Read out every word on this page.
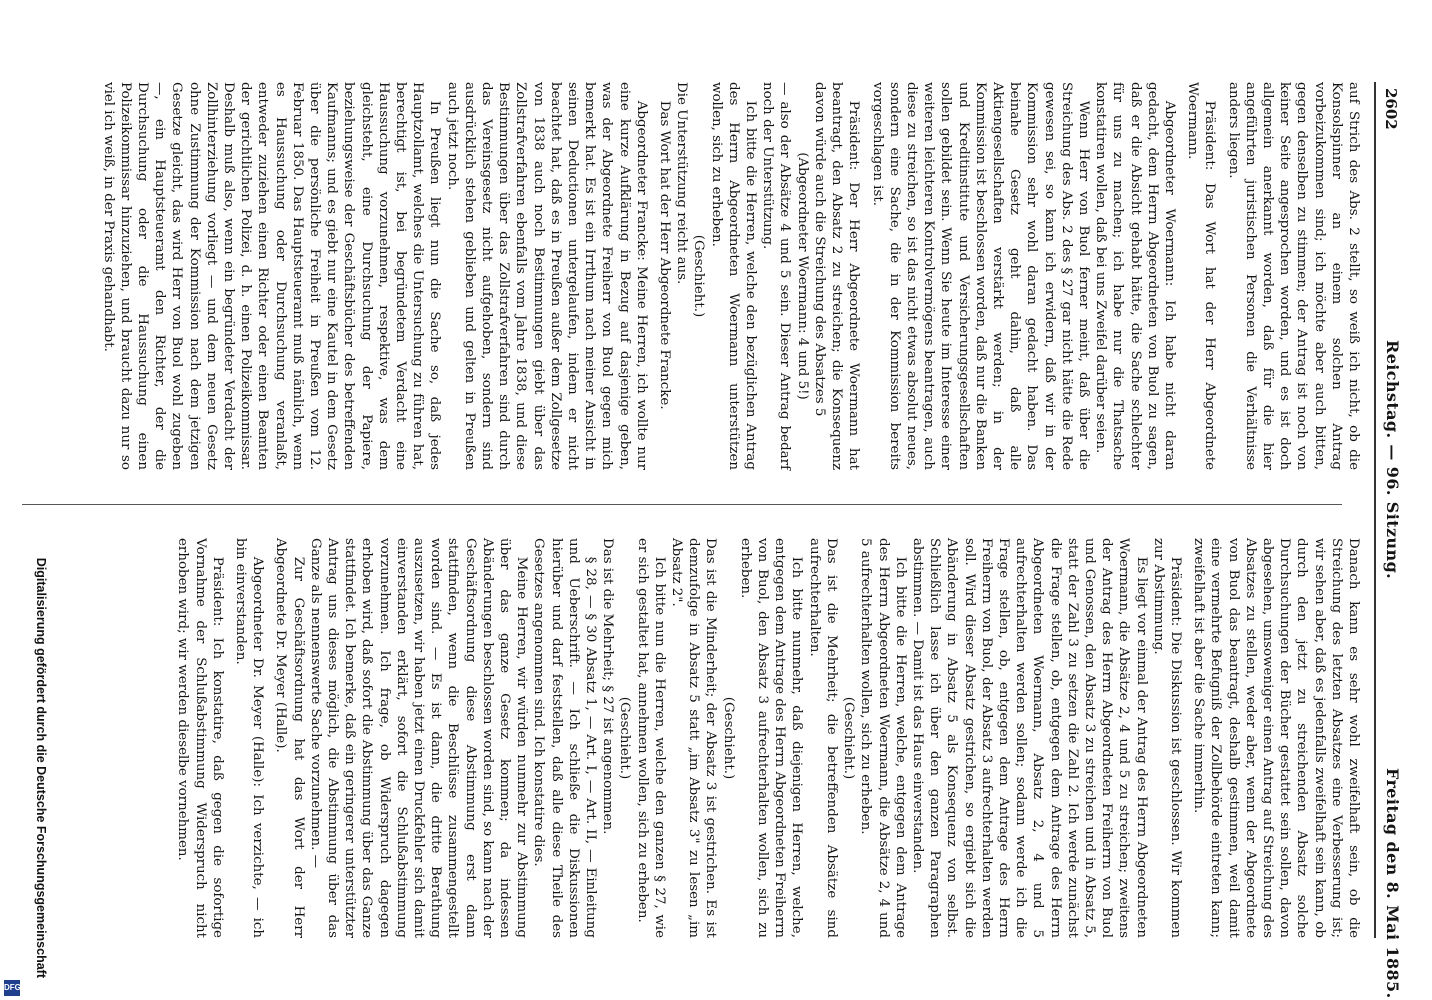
2602
Reichstag. — 96. Sitzung.
Freitag den 8. Mai 1885.

auf Strich des Abs. 2 stellt, so weiß ich nicht, ob die Konsolspinner an einem solchen Antrag vorbeizukommen sind; ich möchte aber auch bitten, gegen denselben zu stimmen; der Antrag ist noch von keiner Seite angesprochen worden, und es ist doch allgemein anerkannt worden, daß für die hier angeführten juristischen Personen die Verhältnisse anders liegen.

Präsident: Das Wort hat der Herr Abgeordnete Woermann.

Abgeordneter Woermann: Ich habe nicht daran gedacht, dem Herrn Abgeordneten von Buol zu sagen, daß er die Absicht gehabt hätte, die Sache schlechter für uns zu machen; ich habe nur die Thatsache konstatiren wollen, daß bei uns Zweifel darüber seien.

Wenn Herr von Buol ferner meint, daß über die Streichung des Abs. 2 des § 27 gar nicht hätte die Rede gewesen sei, so kann ich erwidern, daß wir in der Kommission sehr wohl daran gedacht haben. Das beinahe Gesetz geht dahin, daß alle Aktiengesellschaften verstärkt werden; in der Kommission ist beschlossen worden, daß nur die Banken und Kreditinstitute und Versicherungsgesellschaften sollen gebildet sein. Wenn Sie heute im Interesse einer weiteren leichteren Kontrolvermögens beantragen, auch diese zu streichen, so ist das nicht etwas absolut neues, sondern eine Sache, die in der Kommission bereits vorgeschlagen ist.

Präsident: Der Herr Abgeordnete Woermann hat beantragt, den Absatz 2 zu streichen; die Konsequenz davon würde auch die Streichung des Absatzes 5

(Abgeordneter Woermann: 4 und 5!)

— also der Absätze 4 und 5 sein. Dieser Antrag bedarf noch der Unterstützung.

Ich bitte die Herren, welche den bezüglichen Antrag des Herrn Abgeordneten Woermann unterstützen wollen, sich zu erheben.

(Geschieht.)

Die Unterstützung reicht aus.

Das Wort hat der Herr Abgeordnete Francke.

Abgeordneter Francke: Meine Herren, ich wollte nur eine kurze Aufklärung in Bezug auf dasjenige geben, was der Abgeordnete Freiherr von Buol gegen mich bemerkt hat. Es ist ein Irrthum nach meiner Ansicht in seinen Deductionen untergelaufen, indem er nicht beachtet hat, daß es in Preußen außer dem Zollgesetze von 1838 auch noch Bestimmungen giebt über das Zollstrafverfahren ebenfalls vom Jahre 1838, und diese Bestimmungen über das Zollstrafverfahren sind durch das Vereinsgesetz nicht aufgehoben, sondern sind ausdrücklich stehen geblieben und gelten in Preußen auch jetzt noch.

In Preußen liegt nun die Sache so, daß jedes Hauptzollamt, welches die Untersuchung zu führen hat, berechtigt ist, bei begründetem Verdacht eine Haussuchung vorzunehmen, respektive, was dem gleichsteht, eine Durchsuchung der Papiere, beziehungsweise der Geschäftsbücher des betreffenden Kaufmanns; und es giebt nur eine Kautel in dem Gesetz über die persönliche Freiheit in Preußen vom 12. Februar 1850. Das Hauptsteueramt muß nämlich, wenn es Haussuchung oder Durchsuchung veranlaßt, entweder zuziehen einen Richter oder einen Beamten der gerichtlichen Polizei, d. h. einen Polizeikommissar. Deshalb muß also, wenn ein begründeter Verdacht der Zollhinterziehung vorliegt — und dem neuen Gesetz ohne Zustimmung der Kommission nach dem jetzigen Gesetze gleicht, das wird Herr von Buol wohl zugeben —, ein Hauptsteueramt den Richter, der die Durchsuchung oder die Haussuchung einen Polizeikommissar hinzuziehen, und braucht dazu nur so viel ich weiß, in der Praxis gehandhabt.

Danach kann es sehr wohl zweifelhaft sein, ob die Streichung des letzten Absatzes eine Verbesserung ist; wir sehen aber, daß es jedenfalls zweifelhaft sein kann, ob durch den jetzt zu streichenden Absatz solche Durchsuchungen der Bücher gestattet sein sollen, davon abgesehen, umsoweniger einen Antrag auf Streichung des Absatzes zu stellen, weder aber, wenn der Abgeordnete von Buol das beantragt, deshalb gestimmen, weil damit eine vermehrte Befugniß der Zollbehörde eintreten kann; zweifelhaft ist aber die Sache immerhin.

Präsident: Die Diskussion ist geschlossen. Wir kommen zur Abstimmung.

Es liegt vor einmal der Antrag des Herrn Abgeordneten Woermann, die Absätze 2, 4 und 5 zu streichen; zweitens der Antrag des Herrn Abgeordneten Freiherrn von Buol und Genossen, den Absatz 3 zu streichen und in Absatz 5, statt der Zahl 3 zu setzen die Zahl 2. Ich werde zunächst die Frage stellen, ob, entgegen dem Antrage des Herrn Abgeordneten Woermann, Absatz 2, 4 und 5 aufrechterhalten werden sollen; sodann werde ich die Frage stellen, ob, entgegen dem Antrage des Herrn Freiherrn von Buol, der Absatz 3 aufrechterhalten werden soll. Wird dieser Absatz gestrichen, so ergiebt sich die Abänderung in Absatz 5 als Konsequenz von selbst. Schließlich lasse ich über den ganzen Paragraphen abstimmen. — Damit ist das Haus einverstanden.

Ich bitte die Herren, welche, entgegen dem Antrage des Herrn Abgeordneten Woermann, die Absätze 2, 4 und 5 aufrechterhalten wollen, sich zu erheben.

(Geschieht.)

Das ist die Mehrheit; die betreffenden Absätze sind aufrechterhalten.

Ich bitte nunmehr, daß diejenigen Herren, welche, entgegen dem Antrage des Herrn Abgeordneten Freiherrn von Buol, den Absatz 3 aufrechterhalten wollen, sich zu erheben.

(Geschieht.)

Das ist die Minderheit; der Absatz 3 ist gestrichen. Es ist demzufolge in Absatz 5 statt „im Absatz 3" zu lesen „im Absatz 2".

Ich bitte nun die Herren, welche den ganzen § 27, wie er sich gestaltet hat, annehmen wollen, sich zu erheben.

(Geschieht.)

Das ist die Mehrheit; § 27 ist angenommen.

§ 28, — § 30 Absatz 1, — Art. I, — Art. II, — Einleitung und Ueberschrift. — Ich schließe die Diskussionen hierüber und darf feststellen, daß alle diese Theile des Gesetzes angenommen sind. Ich konstatire dies.

Meine Herren, wir würden nunmehr zur Abstimmung über das ganze Gesetz kommen; da indessen Abänderungen beschlossen worden sind, so kann nach der Geschäftsordnung diese Abstimmung erst dann stattfinden, wenn die Beschlüsse zusammengestellt worden sind. — Es ist dann, die dritte Berathung auszusetzen, wir haben jetzt einen Druckfehler sich damit einverstanden erklärt, sofort die Schlußabstimmung vorzunehmen. Ich frage, ob Widerspruch dagegen erhoben wird, daß sofort die Abstimmung über das Ganze stattfindet. Ich bemerke, daß ein geringerer unterstützter Antrag uns dieses möglich, die Abstimmung über das Ganze als nennenswerte Sache vorzunehmen. —

Zur Geschäftsordnung hat das Wort der Herr Abgeordnete Dr. Meyer (Halle).

Abgeordneter Dr. Meyer (Halle): Ich verzichte, — ich bin einverstanden.

Präsident: Ich konstatire, daß gegen die sofortige Vornahme der Schlußabstimmung Widerspruch nicht erhoben wird; wir werden dieselbe vornehmen.

Digitalisierung gefördert durch die Deutsche Forschungsgemeinschaft
DFG
